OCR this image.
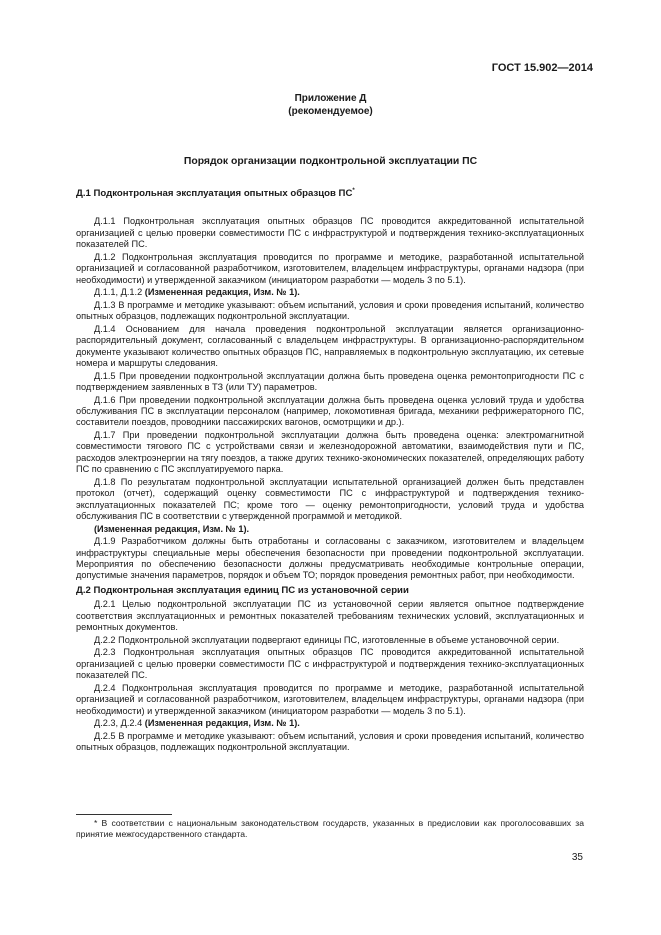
ГОСТ 15.902—2014
Приложение Д
(рекомендуемое)
Порядок организации подконтрольной эксплуатации ПС
Д.1 Подконтрольная эксплуатация опытных образцов ПС*

Д.1.1 Подконтрольная эксплуатация опытных образцов ПС проводится аккредитованной испытательной организацией с целью проверки совместимости ПС с инфраструктурой и подтверждения технико-эксплуатационных показателей ПС.

Д.1.2 Подконтрольная эксплуатация проводится по программе и методике, разработанной испытательной организацией и согласованной разработчиком, изготовителем, владельцем инфраструктуры, органами надзора (при необходимости) и утвержденной заказчиком (инициатором разработки — модель 3 по 5.1).

Д.1.1, Д.1.2 (Измененная редакция, Изм. № 1).

Д.1.3 В программе и методике указывают: объем испытаний, условия и сроки проведения испытаний, количество опытных образцов, подлежащих подконтрольной эксплуатации.

Д.1.4 Основанием для начала проведения подконтрольной эксплуатации является организационно-распорядительный документ, согласованный с владельцем инфраструктуры. В организационно-распорядительном документе указывают количество опытных образцов ПС, направляемых в подконтрольную эксплуатацию, их сетевые номера и маршруты следования.

Д.1.5 При проведении подконтрольной эксплуатации должна быть проведена оценка ремонтопригодности ПС с подтверждением заявленных в ТЗ (или ТУ) параметров.

Д.1.6 При проведении подконтрольной эксплуатации должна быть проведена оценка условий труда и удобства обслуживания ПС в эксплуатации персоналом (например, локомотивная бригада, механики рефрижераторного ПС, составители поездов, проводники пассажирских вагонов, осмотрщики и др.).

Д.1.7 При проведении подконтрольной эксплуатации должна быть проведена оценка: электромагнитной совместимости тягового ПС с устройствами связи и железнодорожной автоматики, взаимодействия пути и ПС, расходов электроэнергии на тягу поездов, а также других технико-экономических показателей, определяющих работу ПС по сравнению с ПС эксплуатируемого парка.

Д.1.8 По результатам подконтрольной эксплуатации испытательной организацией должен быть представлен протокол (отчет), содержащий оценку совместимости ПС с инфраструктурой и подтверждения технико-эксплуатационных показателей ПС; кроме того — оценку ремонтопригодности, условий труда и удобства обслуживания ПС в соответствии с утвержденной программой и методикой.

(Измененная редакция, Изм. № 1).

Д.1.9 Разработчиком должны быть отработаны и согласованы с заказчиком, изготовителем и владельцем инфраструктуры специальные меры обеспечения безопасности при проведении подконтрольной эксплуатации. Мероприятия по обеспечению безопасности должны предусматривать необходимые контрольные операции, допустимые значения параметров, порядок и объем ТО; порядок проведения ремонтных работ, при необходимости.

Д.2 Подконтрольная эксплуатация единиц ПС из установочной серии

Д.2.1 Целью подконтрольной эксплуатации ПС из установочной серии является опытное подтверждение соответствия эксплуатационных и ремонтных показателей требованиям технических условий, эксплуатационных и ремонтных документов.

Д.2.2 Подконтрольной эксплуатации подвергают единицы ПС, изготовленные в объеме установочной серии.

Д.2.3 Подконтрольная эксплуатация опытных образцов ПС проводится аккредитованной испытательной организацией с целью проверки совместимости ПС с инфраструктурой и подтверждения технико-эксплуатационных показателей ПС.

Д.2.4 Подконтрольная эксплуатация проводится по программе и методике, разработанной испытательной организацией и согласованной разработчиком, изготовителем, владельцем инфраструктуры, органами надзора (при необходимости) и утвержденной заказчиком (инициатором разработки — модель 3 по 5.1).

Д.2.3, Д.2.4 (Измененная редакция, Изм. № 1).

Д.2.5 В программе и методике указывают: объем испытаний, условия и сроки проведения испытаний, количество опытных образцов, подлежащих подконтрольной эксплуатации.

* В соответствии с национальным законодательством государств, указанных в предисловии как проголосовавших за принятие межгосударственного стандарта.
35
